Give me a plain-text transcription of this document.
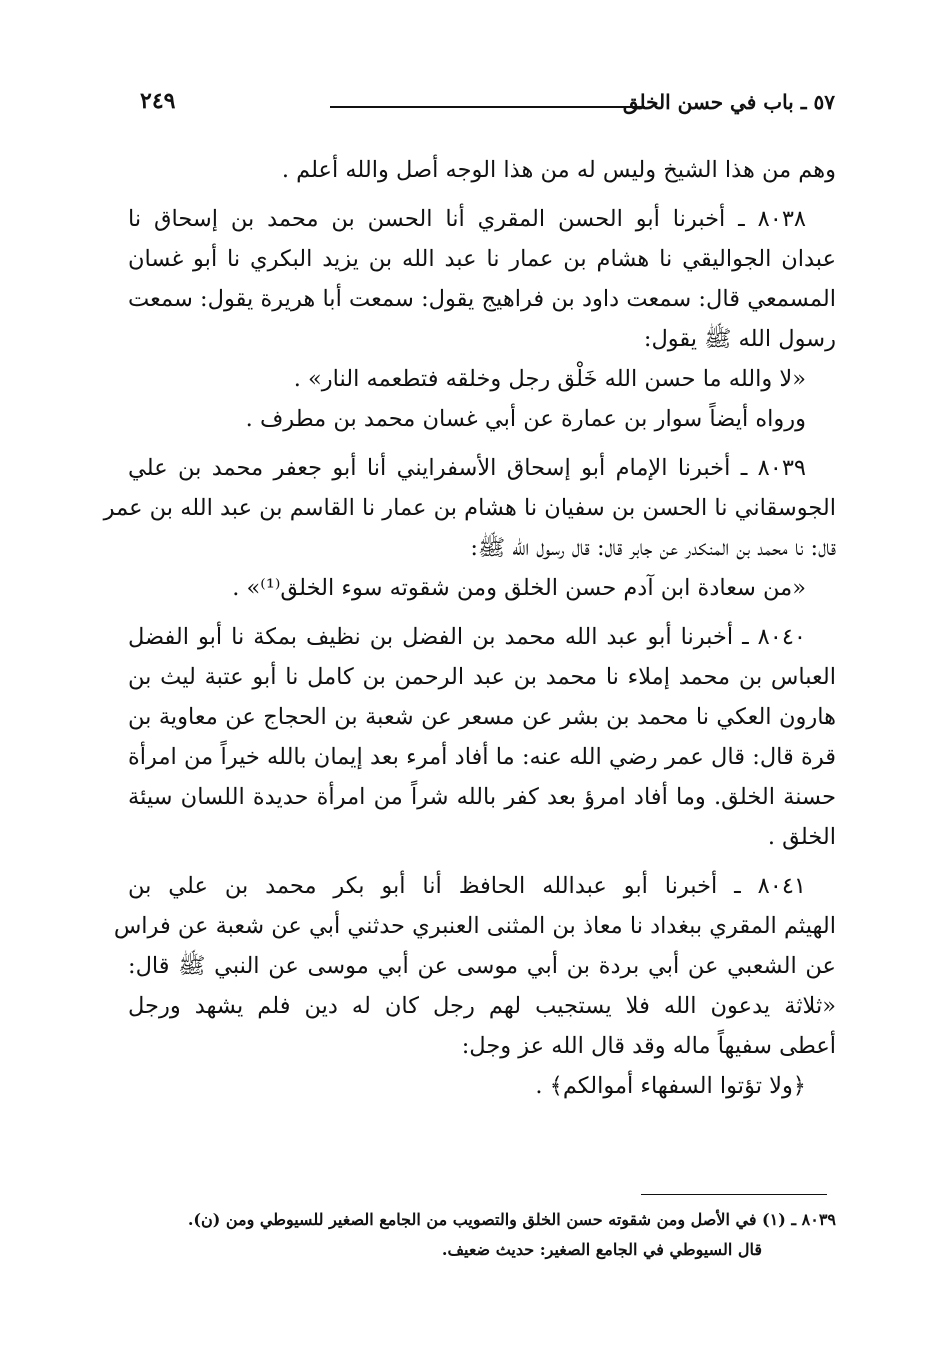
٥٧ ـ باب في حسن الخلق
٢٤٩
وهم من هذا الشيخ وليس له من هذا الوجه أصل والله أعلم .
٨٠٣٨ ـ أخبرنا أبو الحسن المقري أنا الحسن بن محمد بن إسحاق نا
عبدان الجواليقي نا هشام بن عمار نا عبد الله بن يزيد البكري نا أبو غسان
المسمعي قال: سمعت داود بن فراهيج يقول: سمعت أبا هريرة يقول: سمعت
رسول الله ﷺ يقول:
«لا والله ما حسن الله خَلْق رجل وخلقه فتطعمه النار» .
ورواه أيضاً سوار بن عمارة عن أبي غسان محمد بن مطرف .
٨٠٣٩ ـ أخبرنا الإمام أبو إسحاق الأسفرايني أنا أبو جعفر محمد بن علي
الجوسقاني نا الحسن بن سفيان نا هشام بن عمار نا القاسم بن عبد الله بن عمر
قال: نا محمد بن المنكدر عن جابر قال: قال رسول الله ﷺ:
«من سعادة ابن آدم حسن الخلق ومن شقوته سوء الخلق⁽¹⁾» .
٨٠٤٠ ـ أخبرنا أبو عبد الله محمد بن الفضل بن نظيف بمكة نا أبو الفضل
العباس بن محمد إملاء نا محمد بن عبد الرحمن بن كامل نا أبو عتبة ليث بن
هارون العكي نا محمد بن بشر عن مسعر عن شعبة بن الحجاج عن معاوية بن
قرة قال: قال عمر رضي الله عنه: ما أفاد أمرء بعد إيمان بالله خيراً من امرأة
حسنة الخلق. وما أفاد امرؤ بعد كفر بالله شراً من امرأة حديدة اللسان سيئة
الخلق .
٨٠٤١ ـ أخبرنا أبو عبدالله الحافظ أنا أبو بكر محمد بن علي بن
الهيثم المقري ببغداد نا معاذ بن المثنى العنبري حدثني أبي عن شعبة عن فراس
عن الشعبي عن أبي بردة بن أبي موسى عن أبي موسى عن النبي ﷺ قال:
«ثلاثة يدعون الله فلا يستجيب لهم رجل كان له دين فلم يشهد ورجل
أعطى سفيهاً ماله وقد قال الله عز وجل:
﴿ولا تؤتوا السفهاء أموالكم﴾ .
٨٠٣٩ ـ (١) في الأصل ومن شقوته حسن الخلق والتصويب من الجامع الصغير للسيوطي ومن (ن).
قال السيوطي في الجامع الصغير: حديث ضعيف.
